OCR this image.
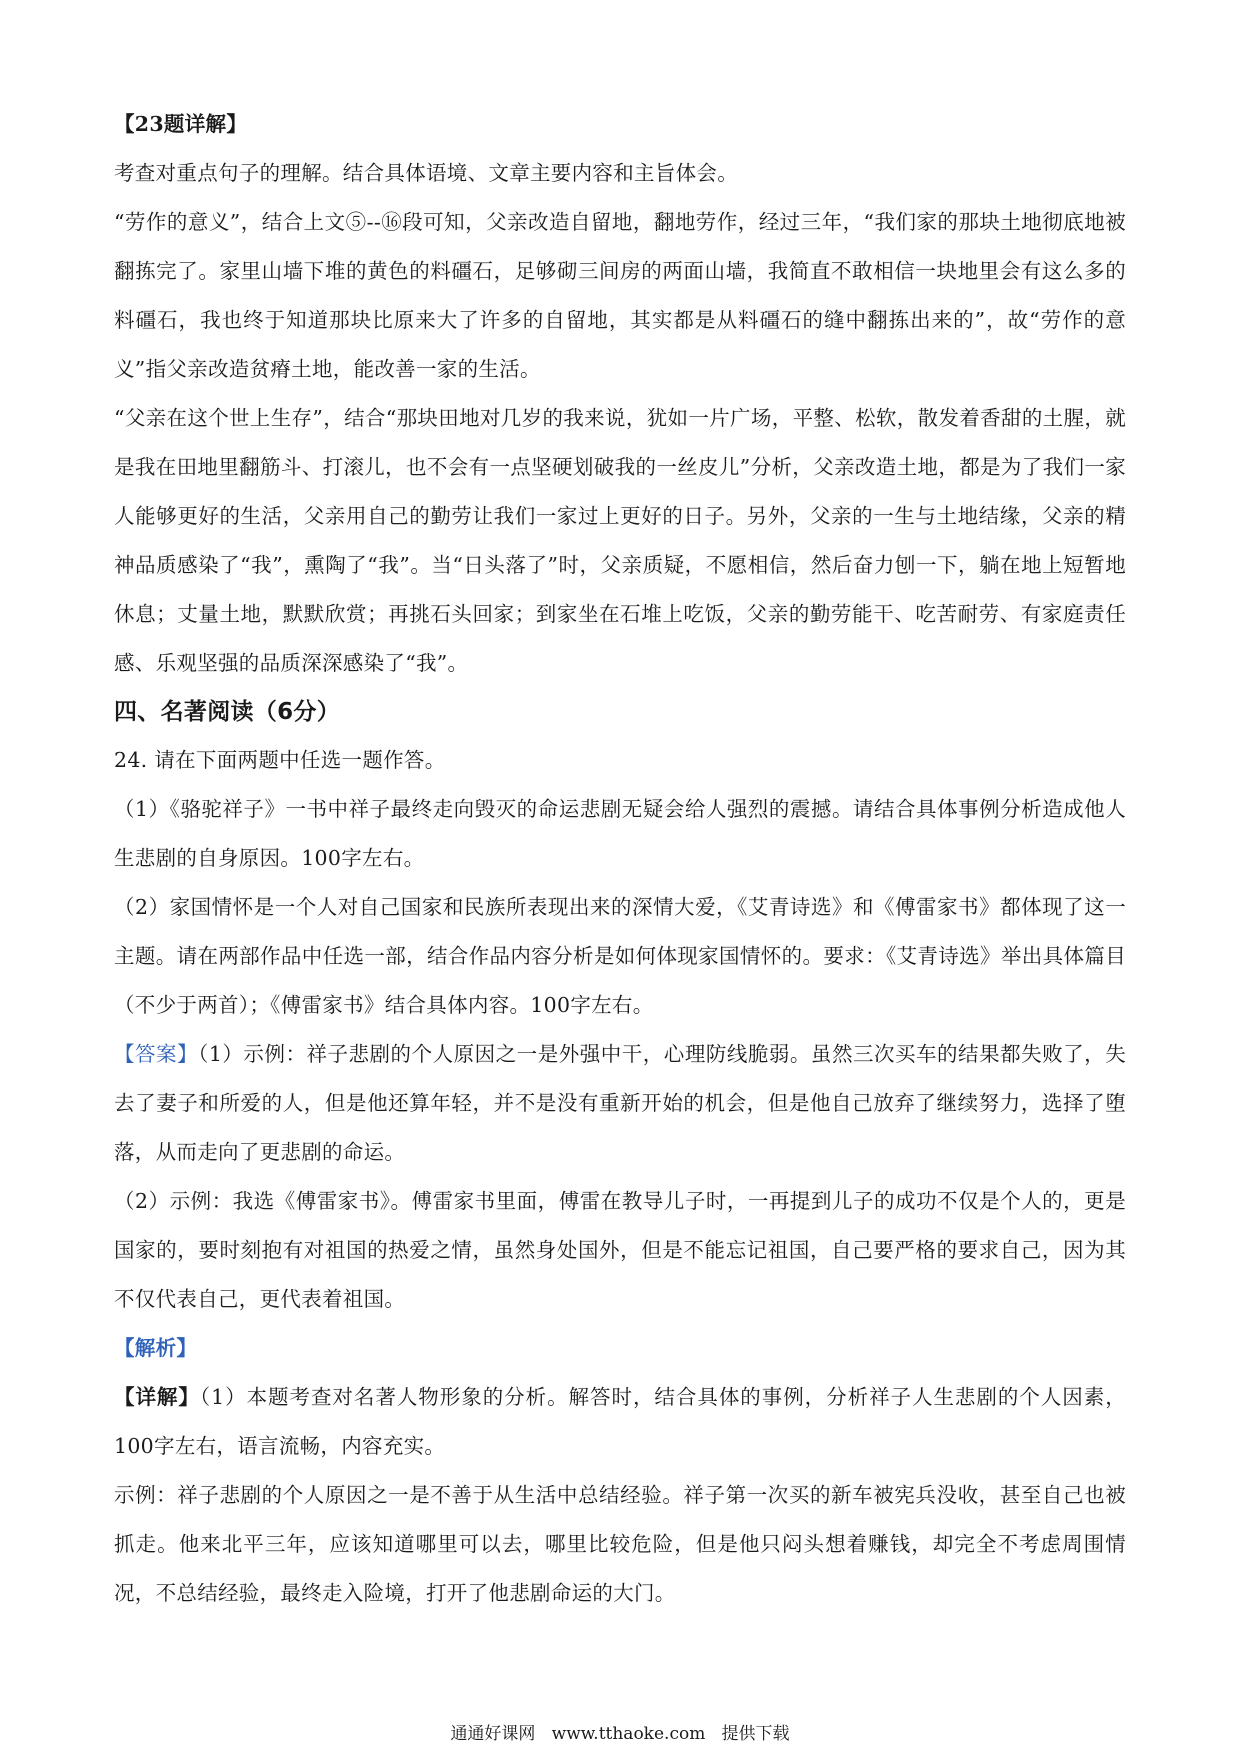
【23题详解】

考查对重点句子的理解。结合具体语境、文章主要内容和主旨体会。

“劳作的意义”，结合上文⑤--⑯段可知，父亲改造自留地，翻地劳作，经过三年，“我们家的那块土地彻底地被翻拣完了。家里山墙下堆的黄色的料礓石，足够砌三间房的两面山墙，我简直不敢相信一块地里会有这么多的料礓石，我也终于知道那块比原来大了许多的自留地，其实都是从料礓石的缝中翻拣出来的”，故“劳作的意义”指父亲改造贫瘠土地，能改善一家的生活。

“父亲在这个世上生存”，结合“那块田地对几岁的我来说，犹如一片广场，平整、松软，散发着香甜的土腥，就是我在田地里翻筋斗、打滚儿，也不会有一点坚硬划破我的一丝皮儿”分析，父亲改造土地，都是为了我们一家人能够更好的生活，父亲用自己的勤劳让我们一家过上更好的日子。另外，父亲的一生与土地结缘，父亲的精神品质感染了“我”，熏陶了“我”。当“日头落了”时，父亲质疑，不愿相信，然后奋力刨一下，躺在地上短暂地休息；丈量土地，默默欣赏；再挑石头回家；到家坐在石堆上吃饭，父亲的勤劳能干、吃苦耐劳、有家庭责任感、乐观坚强的品质深深感染了“我”。

四、名著阅读（6分）

24. 请在下面两题中任选一题作答。

（1）《骆驼祥子》一书中祥子最终走向毁灭的命运悲剧无疑会给人强烈的震撼。请结合具体事例分析造成他人生悲剧的自身原因。100字左右。

（2）家国情怀是一个人对自己国家和民族所表现出来的深情大爱，《艾青诗选》和《傅雷家书》都体现了这一主题。请在两部作品中任选一部，结合作品内容分析是如何体现家国情怀的。要求：《艾青诗选》举出具体篇目（不少于两首）；《傅雷家书》结合具体内容。100字左右。

【答案】（1）示例：祥子悲剧的个人原因之一是外强中干，心理防线脆弱。虽然三次买车的结果都失败了，失去了妻子和所爱的人，但是他还算年轻，并不是没有重新开始的机会，但是他自己放弃了继续努力，选择了堕落，从而走向了更悲剧的命运。

（2）示例：我选《傅雷家书》。傅雷家书里面，傅雷在教导儿子时，一再提到儿子的成功不仅是个人的，更是国家的，要时刻抱有对祖国的热爱之情，虽然身处国外，但是不能忘记祖国，自己要严格的要求自己，因为其不仅代表自己，更代表着祖国。

【解析】

【详解】（1）本题考查对名著人物形象的分析。解答时，结合具体的事例，分析祥子人生悲剧的个人因素，100字左右，语言流畅，内容充实。

示例：祥子悲剧的个人原因之一是不善于从生活中总结经验。祥子第一次买的新车被宪兵没收，甚至自己也被抓走。他来北平三年，应该知道哪里可以去，哪里比较危险，但是他只闷头想着赚钱，却完全不考虑周围情况，不总结经验，最终走入险境，打开了他悲剧命运的大门。

通通好课网 www.tthaoke.com 提供下载
